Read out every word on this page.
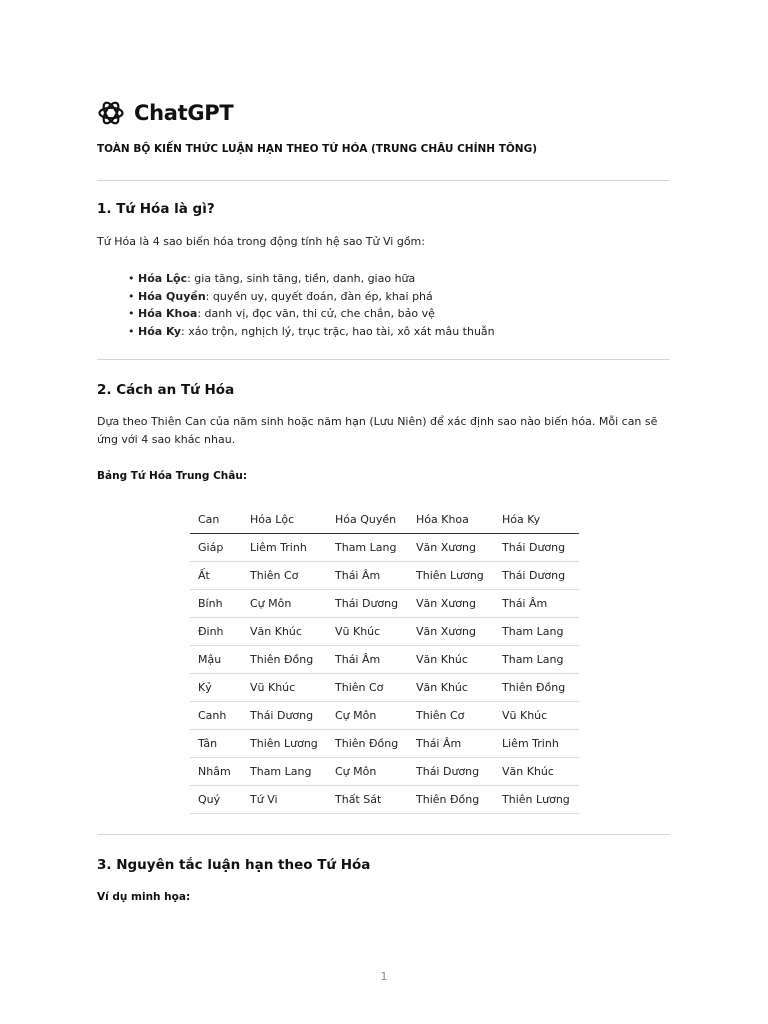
ChatGPT
TOÀN BỘ KIẾN THỨC LUẬN HẠN THEO TỨ HÓA (TRUNG CHÂU CHÍNH TÔNG)
1. Tứ Hóa là gì?
Tứ Hóa là 4 sao biến hóa trong động tính hệ sao Tử Vi gồm:
• Hóa Lộc: gia tăng, sinh tăng, tiền, danh, giao hữa
• Hóa Quyền: quyền uy, quyết đoán, đàn ép, khai phá
• Hóa Khoa: danh vị, đọc văn, thi cử, che chắn, bảo vệ
• Hóa Ky: xáo trộn, nghịch lý, trục trặc, hao tài, xô xát mâu thuẫn
2. Cách an Tứ Hóa
Dựa theo Thiên Can của năm sinh hoặc năm hạn (Lưu Niên) để xác định sao nào biến hóa. Mỗi can sẽ ứng với 4 sao khác nhau.
Bảng Tứ Hóa Trung Châu:
Can	Hóa Lộc	Hóa Quyền	Hóa Khoa	Hóa Ky
Giáp	Liêm Trinh	Tham Lang	Văn Xương	Thái Dương
Ất	Thiên Cơ	Thái Âm	Thiên Lương	Thái Dương
Bính	Cự Môn	Thái Dương	Văn Xương	Thái Âm
Đinh	Văn Khúc	Vũ Khúc	Văn Xương	Tham Lang
Mậu	Thiên Đồng	Thái Âm	Văn Khúc	Tham Lang
Kỷ	Vũ Khúc	Thiên Cơ	Văn Khúc	Thiên Đồng
Canh	Thái Dương	Cự Môn	Thiên Cơ	Vũ Khúc
Tân	Thiên Lương	Thiên Đồng	Thái Âm	Liêm Trinh
Nhâm	Tham Lang	Cự Môn	Thái Dương	Văn Khúc
Quý	Tứ Vi	Thất Sát	Thiên Đồng	Thiên Lương
3. Nguyên tắc luận hạn theo Tứ Hóa
Ví dụ minh họa:
1
